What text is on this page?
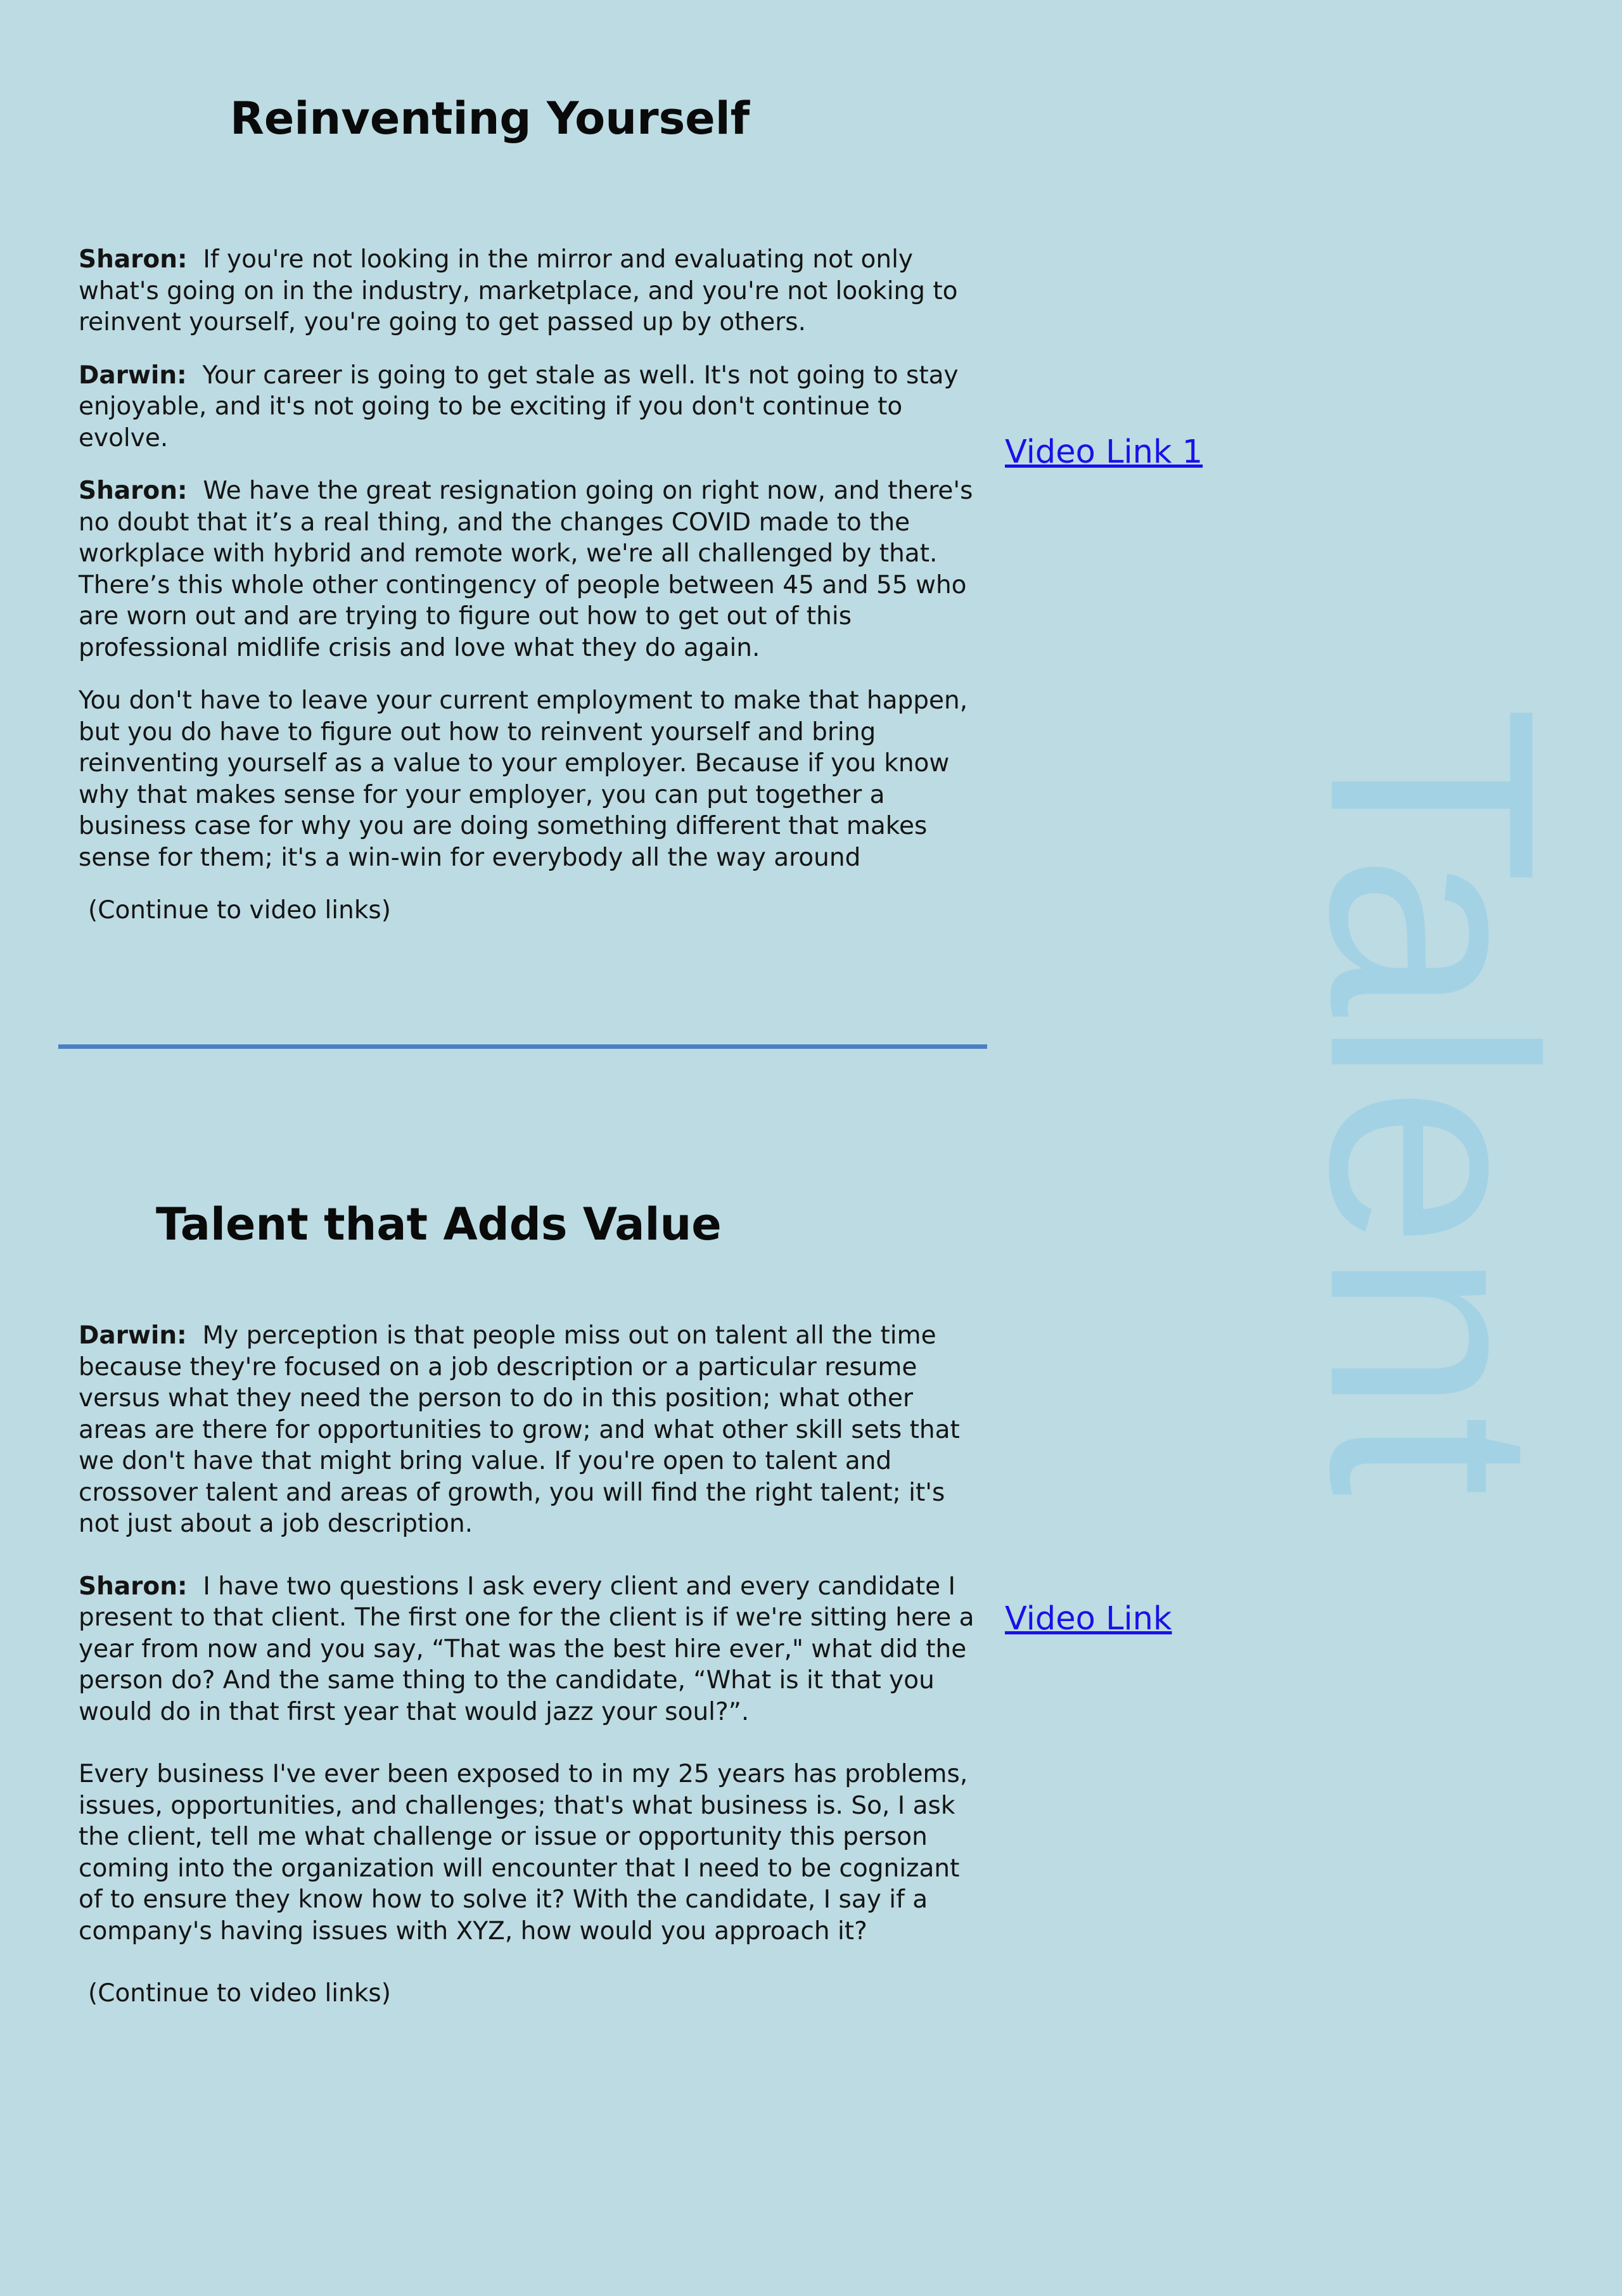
Talent
Reinventing Yourself

Sharon: If you're not looking in the mirror and evaluating not only what's going on in the industry, marketplace, and you're not looking to reinvent yourself, you're going to get passed up by others.

Darwin: Your career is going to get stale as well. It's not going to stay enjoyable, and it's not going to be exciting if you don't continue to evolve.

Sharon: We have the great resignation going on right now, and there's no doubt that it’s a real thing, and the changes COVID made to the workplace with hybrid and remote work, we're all challenged by that. There’s this whole other contingency of people between 45 and 55 who are worn out and are trying to figure out how to get out of this professional midlife crisis and love what they do again.

You don't have to leave your current employment to make that happen, but you do have to figure out how to reinvent yourself and bring reinventing yourself as a value to your employer. Because if you know why that makes sense for your employer, you can put together a business case for why you are doing something different that makes sense for them; it's a win-win for everybody all the way around

(Continue to video links)

Video Link 1
Talent that Adds Value

Darwin: My perception is that people miss out on talent all the time because they're focused on a job description or a particular resume versus what they need the person to do in this position; what other areas are there for opportunities to grow; and what other skill sets that we don't have that might bring value. If you're open to talent and crossover talent and areas of growth, you will find the right talent; it's not just about a job description.

Sharon: I have two questions I ask every client and every candidate I present to that client. The first one for the client is if we're sitting here a year from now and you say, “That was the best hire ever," what did the person do? And the same thing to the candidate, “What is it that you would do in that first year that would jazz your soul?”.

Every business I've ever been exposed to in my 25 years has problems, issues, opportunities, and challenges; that's what business is. So, I ask the client, tell me what challenge or issue or opportunity this person coming into the organization will encounter that I need to be cognizant of to ensure they know how to solve it? With the candidate, I say if a company's having issues with XYZ, how would you approach it?

(Continue to video links)

Video Link
